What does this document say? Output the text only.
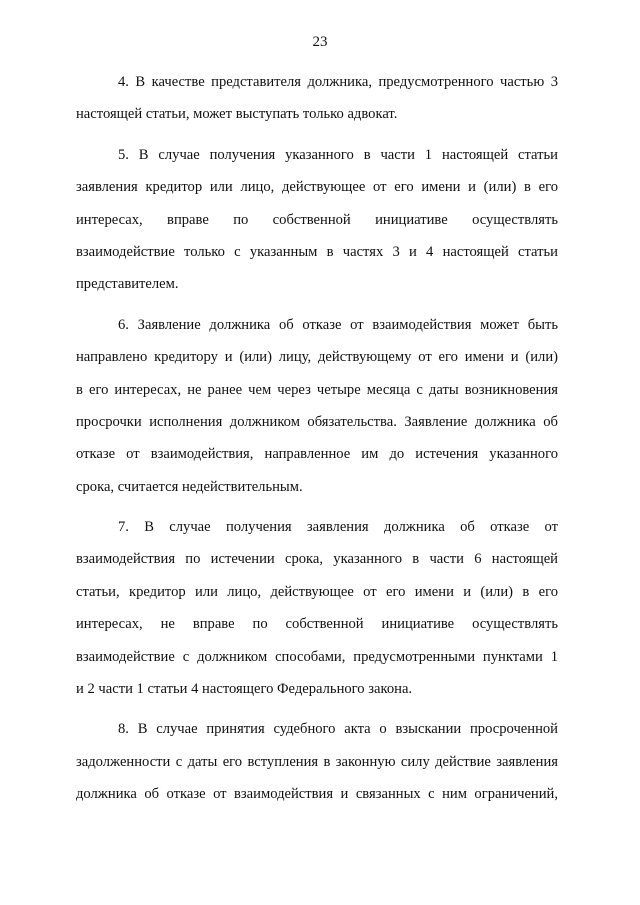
23
4. В качестве представителя должника, предусмотренного частью 3
настоящей статьи, может выступать только адвокат.
5. В случае получения указанного в части 1 настоящей статьи
заявления кредитор или лицо, действующее от его имени и (или) в его
интересах, вправе по собственной инициативе осуществлять
взаимодействие только с указанным в частях 3 и 4 настоящей статьи
представителем.
6. Заявление должника об отказе от взаимодействия может быть
направлено кредитору и (или) лицу, действующему от его имени и (или)
в его интересах, не ранее чем через четыре месяца с даты возникновения
просрочки исполнения должником обязательства. Заявление должника об
отказе от взаимодействия, направленное им до истечения указанного
срока, считается недействительным.
7. В случае получения заявления должника об отказе от
взаимодействия по истечении срока, указанного в части 6 настоящей
статьи, кредитор или лицо, действующее от его имени и (или) в его
интересах, не вправе по собственной инициативе осуществлять
взаимодействие с должником способами, предусмотренными пунктами 1
и 2 части 1 статьи 4 настоящего Федерального закона.
8. В случае принятия судебного акта о взыскании просроченной
задолженности с даты его вступления в законную силу действие заявления
должника об отказе от взаимодействия и связанных с ним ограничений,
